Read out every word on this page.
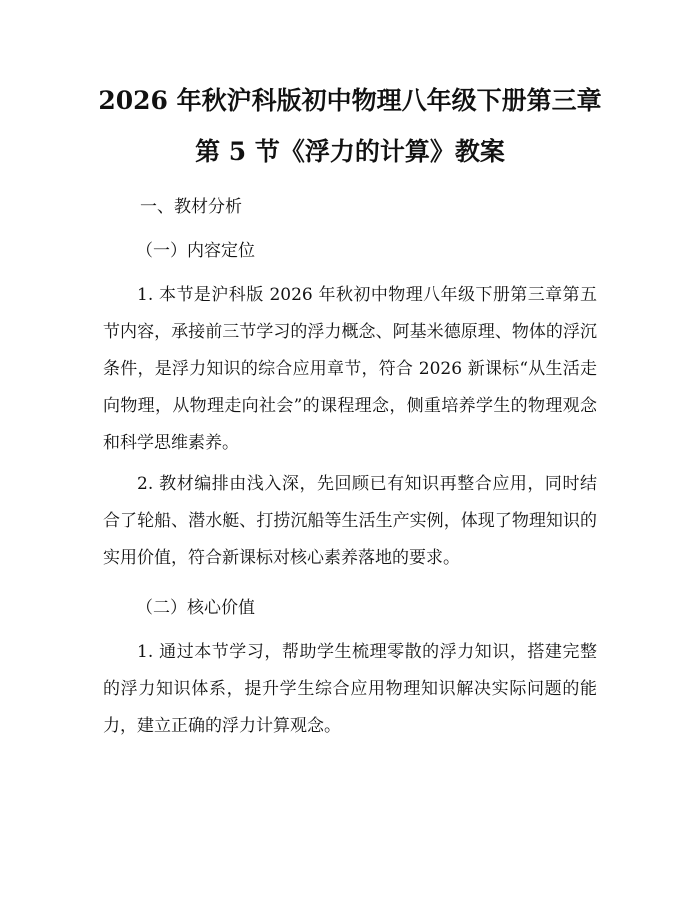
2026 年秋沪科版初中物理八年级下册第三章
第 5 节《浮力的计算》教案

一、教材分析

（一）内容定位

1. 本节是沪科版 2026 年秋初中物理八年级下册第三章第五节内容，承接前三节学习的浮力概念、阿基米德原理、物体的浮沉条件，是浮力知识的综合应用章节，符合 2026 新课标“从生活走向物理，从物理走向社会”的课程理念，侧重培养学生的物理观念和科学思维素养。

2. 教材编排由浅入深，先回顾已有知识再整合应用，同时结合了轮船、潜水艇、打捞沉船等生活生产实例，体现了物理知识的实用价值，符合新课标对核心素养落地的要求。

（二）核心价值

1. 通过本节学习，帮助学生梳理零散的浮力知识，搭建完整的浮力知识体系，提升学生综合应用物理知识解决实际问题的能力，建立正确的浮力计算观念。
